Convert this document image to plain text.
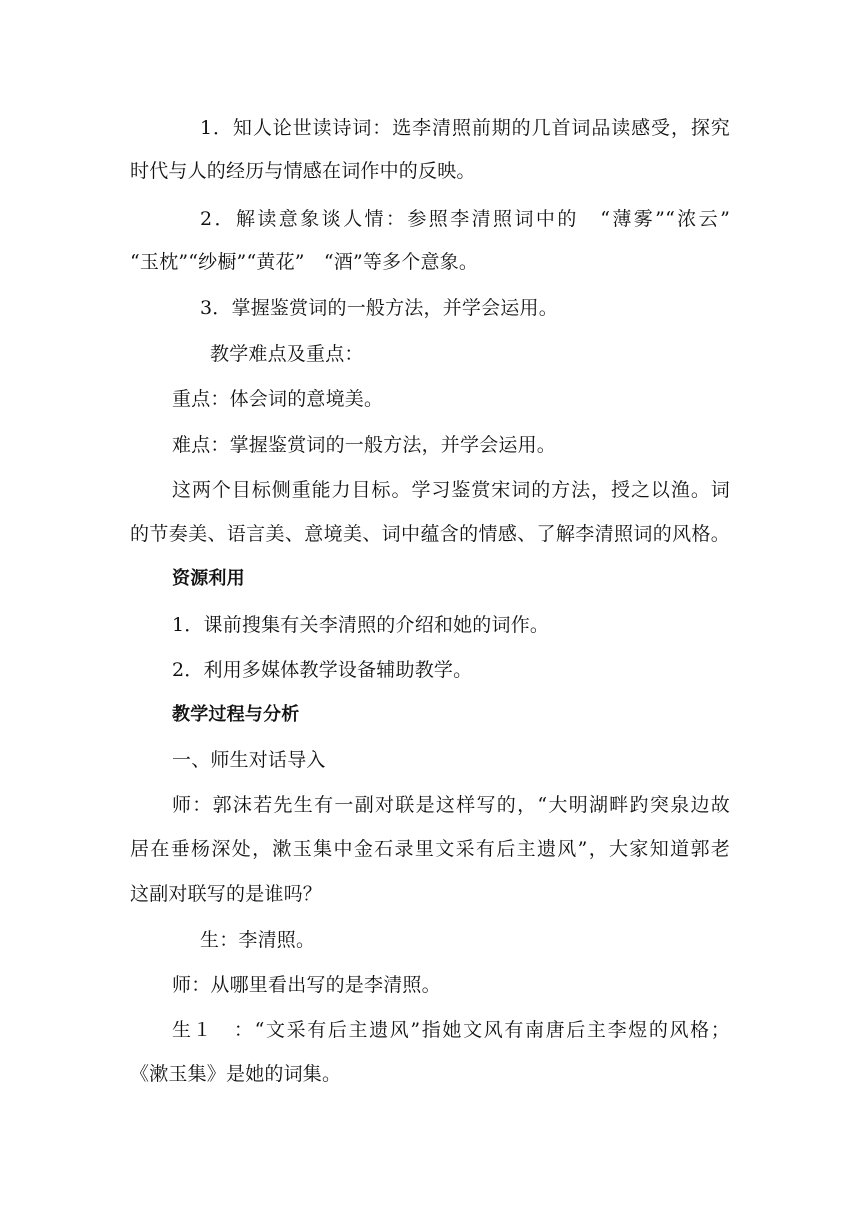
1．知人论世读诗词：选李清照前期的几首词品读感受，探究
时代与人的经历与情感在词作中的反映。
2．解读意象谈人情：参照李清照词中的　“薄雾”“浓云”
“玉枕”“纱橱”“黄花”　“酒”等多个意象。
3．掌握鉴赏词的一般方法，并学会运用。
教学难点及重点：
重点：体会词的意境美。
难点：掌握鉴赏词的一般方法，并学会运用。
这两个目标侧重能力目标。学习鉴赏宋词的方法，授之以渔。词
的节奏美、语言美、意境美、词中蕴含的情感、了解李清照词的风格。
资源利用
1．课前搜集有关李清照的介绍和她的词作。
2．利用多媒体教学设备辅助教学。
教学过程与分析
一、师生对话导入
师：郭沫若先生有一副对联是这样写的，“大明湖畔趵突泉边故
居在垂杨深处，漱玉集中金石录里文采有后主遗风”，大家知道郭老
这副对联写的是谁吗？
生：李清照。
师：从哪里看出写的是李清照。
生１　：“文采有后主遗风”指她文风有南唐后主李煜的风格；
《漱玉集》是她的词集。
